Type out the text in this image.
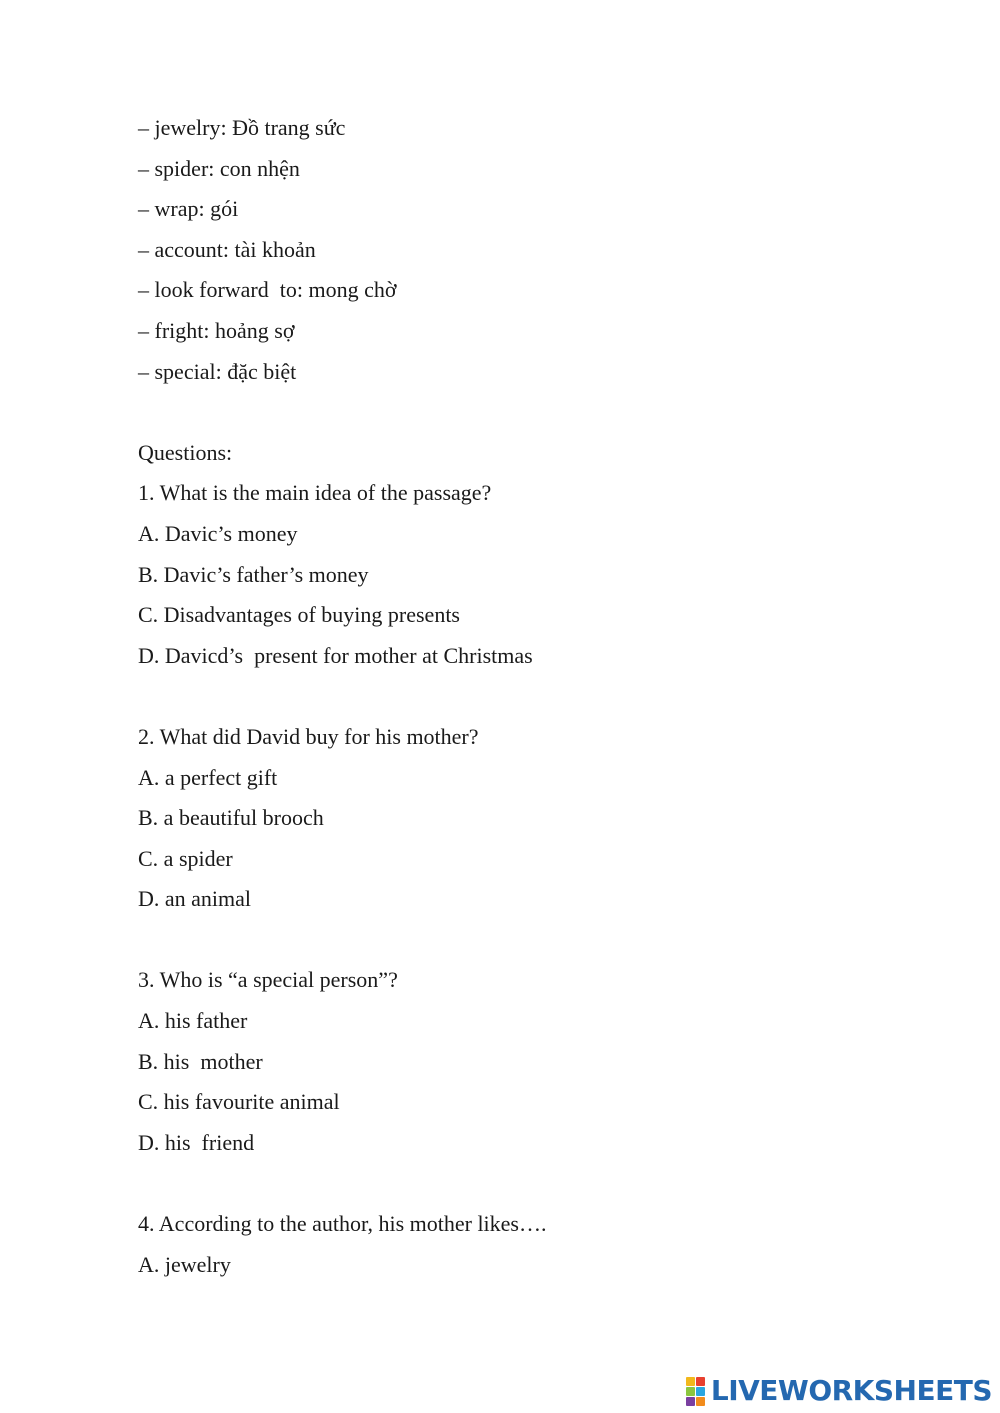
– jewelry: Đồ trang sức

– spider: con nhện

– wrap: gói

– account: tài khoản

– look forward  to: mong chờ

– fright: hoảng sợ

– special: đặc biệt

Questions:

1. What is the main idea of the passage?

A. Davic’s money

B. Davic’s father’s money

C. Disadvantages of buying presents

D. Davicd’s  present for mother at Christmas

2. What did David buy for his mother?

A. a perfect gift

B. a beautiful brooch

C. a spider

D. an animal

3. Who is “a special person”?

A. his father

B. his  mother

C. his favourite animal

D. his  friend

4. According to the author, his mother likes….

A. jewelry

LIVEWORKSHEETS
